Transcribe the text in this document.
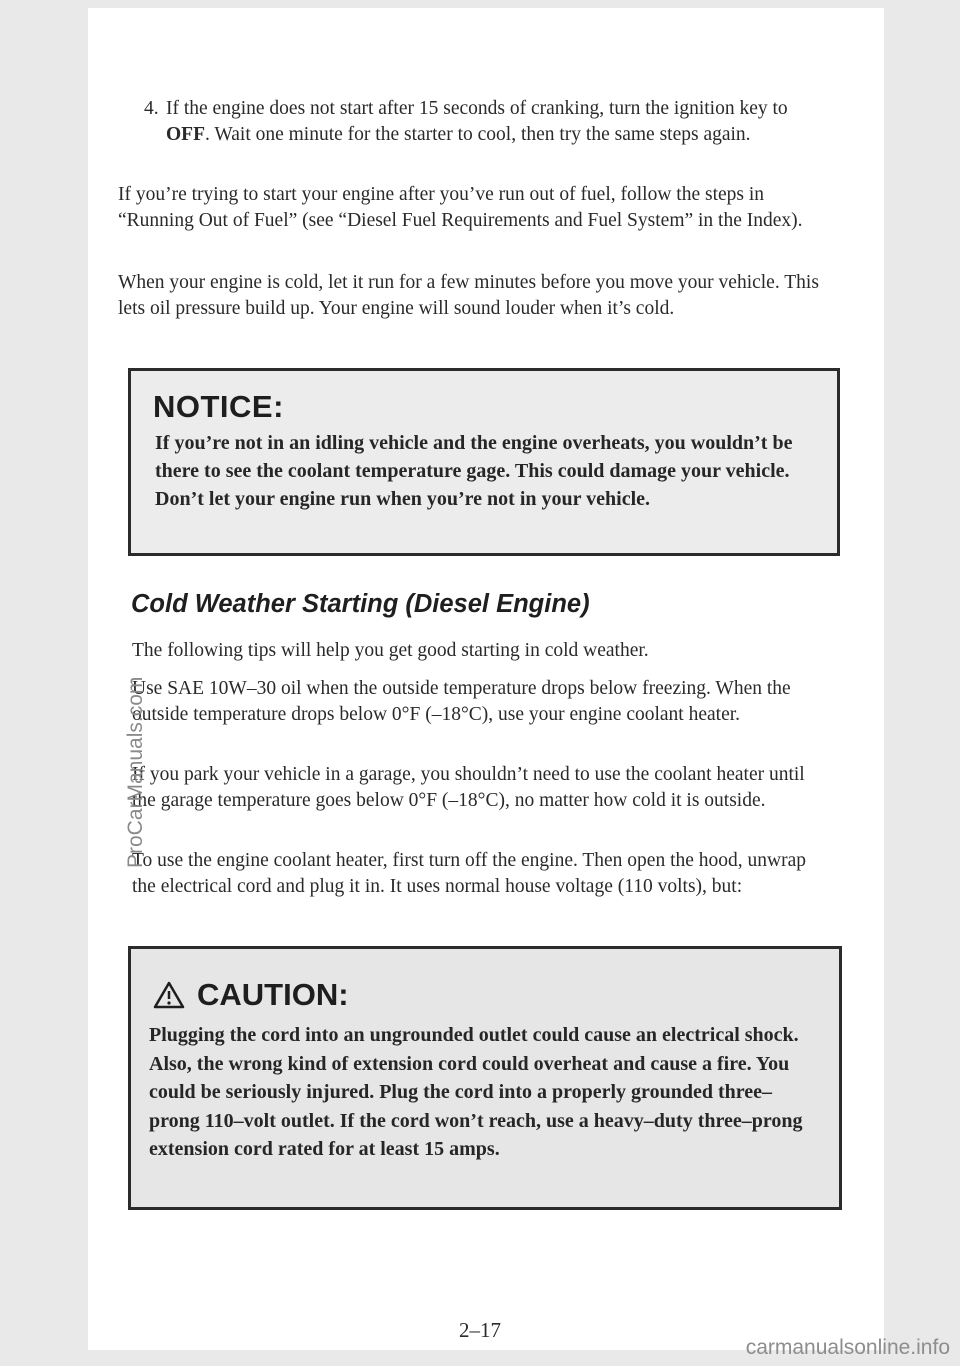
4. If the engine does not start after 15 seconds of cranking, turn the ignition key to OFF. Wait one minute for the starter to cool, then try the same steps again.

If you’re trying to start your engine after you’ve run out of fuel, follow the steps in “Running Out of Fuel” (see “Diesel Fuel Requirements and Fuel System” in the Index).

When your engine is cold, let it run for a few minutes before you move your vehicle. This lets oil pressure build up. Your engine will sound louder when it’s cold.

NOTICE:
If you’re not in an idling vehicle and the engine overheats, you wouldn’t be there to see the coolant temperature gage. This could damage your vehicle. Don’t let your engine run when you’re not in your vehicle.
Cold Weather Starting (Diesel Engine)

The following tips will help you get good starting in cold weather.

Use SAE 10W–30 oil when the outside temperature drops below freezing. When the outside temperature drops below 0°F (–18°C), use your engine coolant heater.

If you park your vehicle in a garage, you shouldn’t need to use the coolant heater until the garage temperature goes below 0°F (–18°C), no matter how cold it is outside.

To use the engine coolant heater, first turn off the engine. Then open the hood, unwrap the electrical cord and plug it in. It uses normal house voltage (110 volts), but:

CAUTION:
Plugging the cord into an ungrounded outlet could cause an electrical shock. Also, the wrong kind of extension cord could overheat and cause a fire. You could be seriously injured. Plug the cord into a properly grounded three–prong 110–volt outlet. If the cord won’t reach, use a heavy–duty three–prong extension cord rated for at least 15 amps.
2–17
ProCarManuals.com
carmanualsonline.info
